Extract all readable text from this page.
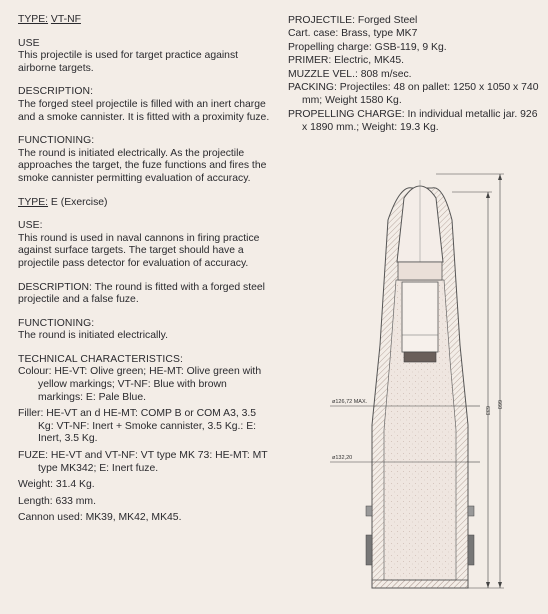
TYPE: VT-NF
USE

This projectile is used for target practice against airborne targets.

DESCRIPTION:

The forged steel projectile is filled with an inert charge and a smoke cannister. It is fitted with a proximity fuze.

FUNCTIONING:

The round is initiated electrically. As the projectile approaches the target, the fuze functions and fires the smoke cannister permitting evaluation of accuracy.

TYPE: E (Exercise)
USE:

This round is used in naval cannons in firing practice against surface targets. The target should have a projectile pass detector for evaluation of accuracy.

DESCRIPTION: The round is fitted with a forged steel projectile and a false fuze.

FUNCTIONING:

The round is initiated electrically.

TECHNICAL CHARACTERISTICS:

Colour: HE-VT: Olive green; HE-MT: Olive green with yellow markings; VT-NF: Blue with brown markings: E: Pale Blue.

Filler: HE-VT an d HE-MT: COMP B or COM A3, 3.5 Kg: VT-NF: Inert + Smoke cannister, 3.5 Kg.: E: Inert, 3.5 Kg.

FUZE: HE-VT and VT-NF: VT type MK 73: HE-MT: MT type MK342; E: Inert fuze.

Weight: 31.4 Kg.

Length: 633 mm.

Cannon used: MK39, MK42, MK45.

PROJECTILE: Forged Steel

Cart. case: Brass, type MK7

Propelling charge: GSB-119, 9 Kg.

PRIMER: Electric, MK45.

MUZZLE VEL.: 808 m/sec.

PACKING: Projectiles: 48 on pallet: 1250 x 1050 x 740 mm; Weight 1580 Kg.

PROPELLING CHARGE: In individual metallic jar. 926 x 1890 mm.; Weight: 19.3 Kg.

ø126,72 MAX.
ø132,20
633
660
